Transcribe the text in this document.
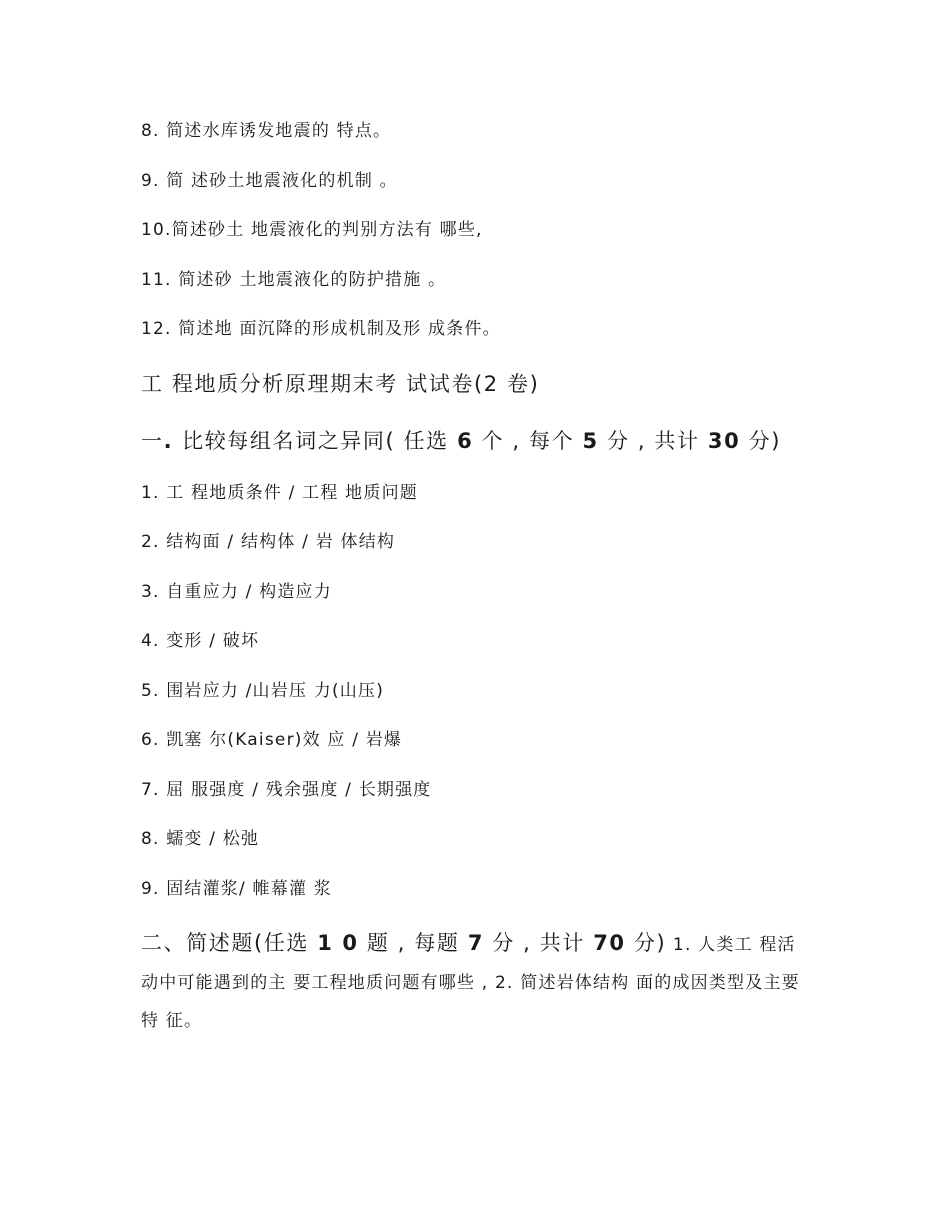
8. 简述水库诱发地震的 特点。
9. 简 述砂土地震液化的机制 。
10.简述砂土 地震液化的判别方法有 哪些,
11. 简述砂 土地震液化的防护措施 。
12. 简述地 面沉降的形成机制及形 成条件。
工 程地质分析原理期末考 试试卷(2 卷)
一. 比较每组名词之异同( 任选 6 个 , 每个 5 分 , 共计 30 分)
1. 工 程地质条件 / 工程 地质问题
2. 结构面 / 结构体 / 岩 体结构
3. 自重应力 / 构造应力
4. 变形 / 破坏
5. 围岩应力 /山岩压 力(山压)
6. 凯塞 尔(Kaiser)效 应 / 岩爆
7. 屈 服强度 / 残余强度 / 长期强度
8. 蠕变 / 松弛
9. 固结灌浆/ 帷幕灌 浆
二、简述题(任选 1 0 题 , 每题 7 分 , 共计 70 分) 1. 人类工 程活动中可能遇到的主 要工程地质问题有哪些 , 2. 简述岩体结构 面的成因类型及主要特 征。
